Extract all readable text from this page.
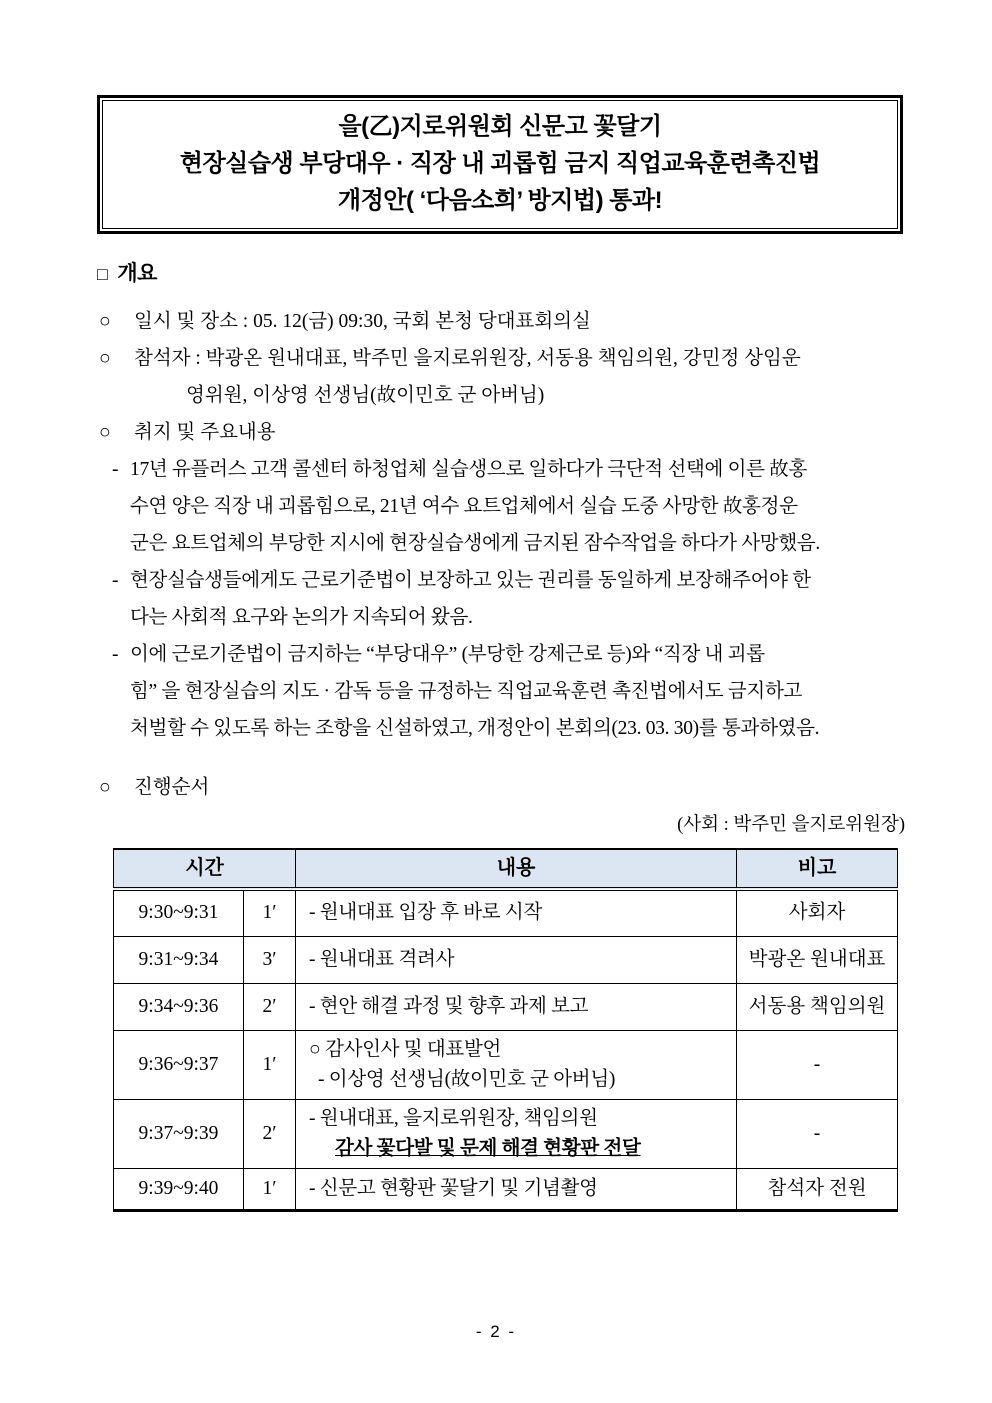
을(乙)지로위원회 신문고 꽃달기
현장실습생 부당대우 · 직장 내 괴롭힘 금지 직업교육훈련촉진법
개정안( ‘다음소희’ 방지법) 통과!
□ 개요
○ 일시 및 장소 : 05. 12(금) 09:30, 국회 본청 당대표회의실
○ 참석자 : 박광온 원내대표, 박주민 을지로위원장, 서동용 책임의원, 강민정 상임운
영위원, 이상영 선생님(故이민호 군 아버님)
○ 취지 및 주요내용
- 17년 유플러스 고객 콜센터 하청업체 실습생으로 일하다가 극단적 선택에 이른 故홍
수연 양은 직장 내 괴롭힘으로, 21년 여수 요트업체에서 실습 도중 사망한 故홍정운
군은 요트업체의 부당한 지시에 현장실습생에게 금지된 잠수작업을 하다가 사망했음.
- 현장실습생들에게도 근로기준법이 보장하고 있는 권리를 동일하게 보장해주어야 한
다는 사회적 요구와 논의가 지속되어 왔음.
- 이에 근로기준법이 금지하는 “부당대우” (부당한 강제근로 등)와 “직장 내 괴롭
힘” 을 현장실습의 지도 · 감독 등을 규정하는 직업교육훈련 촉진법에서도 금지하고
처벌할 수 있도록 하는 조항을 신설하였고, 개정안이 본회의(23. 03. 30)를 통과하였음.
○ 진행순서
(사회 : 박주민 을지로위원장)
시간		내용	비고
9:30~9:31	1′	- 원내대표 입장 후 바로 시작	사회자
9:31~9:34	3′	- 원내대표 격려사	박광온 원내대표
9:34~9:36	2′	- 현안 해결 과정 및 향후 과제 보고	서동용 책임의원
9:36~9:37	1′	○ 감사인사 및 대표발언
- 이상영 선생님(故이민호 군 아버님)	-
9:37~9:39	2′	- 원내대표, 을지로위원장, 책임의원
감사 꽃다발 및 문제 해결 현황판 전달	-
9:39~9:40	1′	- 신문고 현황판 꽃달기 및 기념촬영	참석자 전원
- 2 -
